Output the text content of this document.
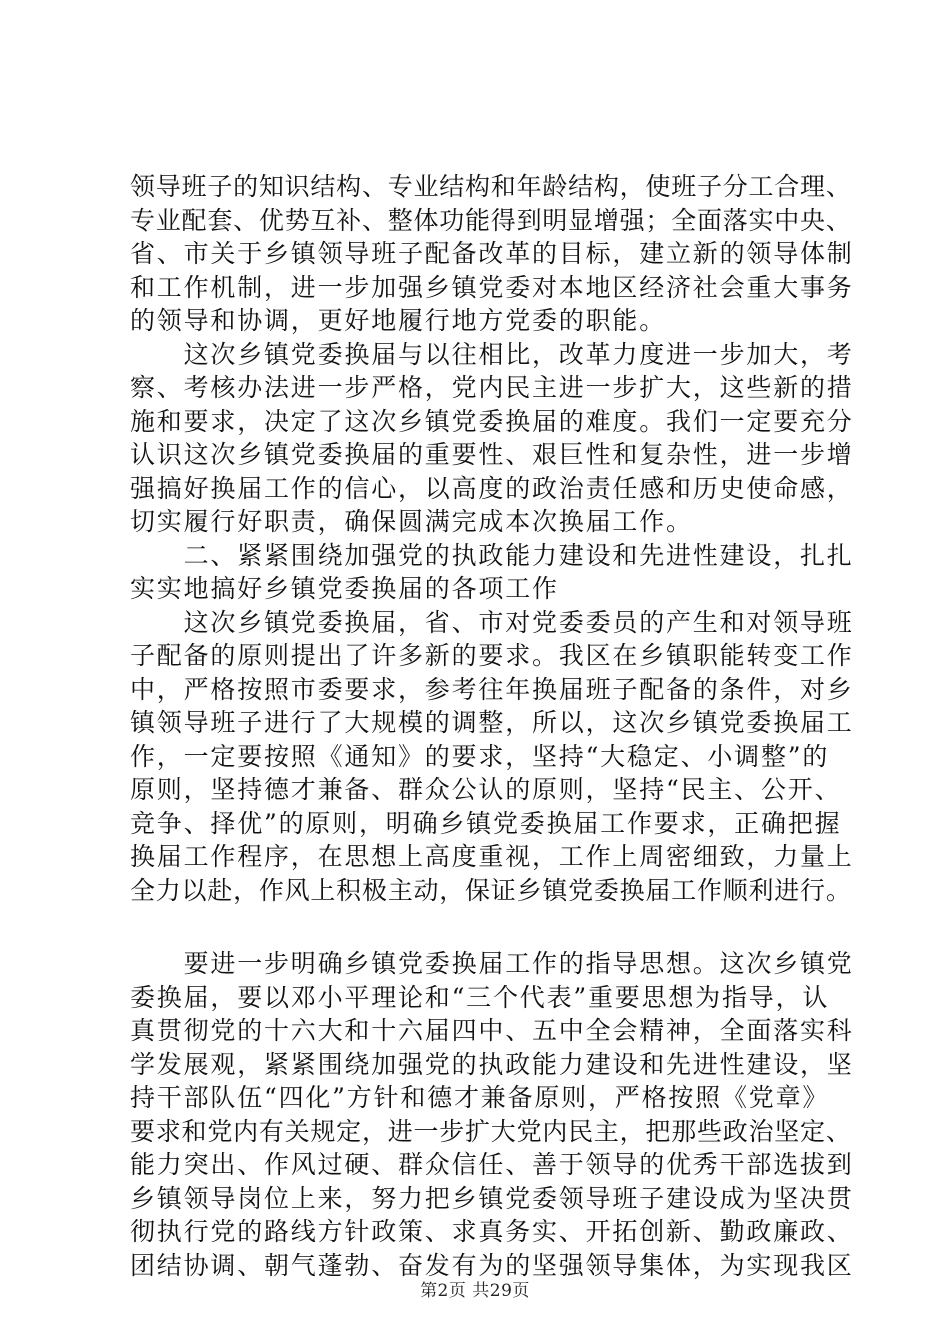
领导班子的知识结构、专业结构和年龄结构，使班子分工合理、
专业配套、优势互补、整体功能得到明显增强；全面落实中央、
省、市关于乡镇领导班子配备改革的目标，建立新的领导体制
和工作机制，进一步加强乡镇党委对本地区经济社会重大事务
的领导和协调，更好地履行地方党委的职能。

　　这次乡镇党委换届与以往相比，改革力度进一步加大，考
察、考核办法进一步严格，党内民主进一步扩大，这些新的措
施和要求，决定了这次乡镇党委换届的难度。我们一定要充分
认识这次乡镇党委换届的重要性、艰巨性和复杂性，进一步增
强搞好换届工作的信心，以高度的政治责任感和历史使命感，
切实履行好职责，确保圆满完成本次换届工作。

　　二、紧紧围绕加强党的执政能力建设和先进性建设，扎扎
实实地搞好乡镇党委换届的各项工作

　　这次乡镇党委换届，省、市对党委委员的产生和对领导班
子配备的原则提出了许多新的要求。我区在乡镇职能转变工作
中，严格按照市委要求，参考往年换届班子配备的条件，对乡
镇领导班子进行了大规模的调整，所以，这次乡镇党委换届工
作，一定要按照《通知》的要求，坚持“大稳定、小调整”的
原则，坚持德才兼备、群众公认的原则，坚持“民主、公开、
竞争、择优”的原则，明确乡镇党委换届工作要求，正确把握
换届工作程序，在思想上高度重视，工作上周密细致，力量上
全力以赴，作风上积极主动，保证乡镇党委换届工作顺利进行。

　　要进一步明确乡镇党委换届工作的指导思想。这次乡镇党
委换届，要以邓小平理论和“三个代表”重要思想为指导，认
真贯彻党的十六大和十六届四中、五中全会精神，全面落实科
学发展观，紧紧围绕加强党的执政能力建设和先进性建设，坚
持干部队伍“四化”方针和德才兼备原则，严格按照《党章》
要求和党内有关规定，进一步扩大党内民主，把那些政治坚定、
能力突出、作风过硬、群众信任、善于领导的优秀干部选拔到
乡镇领导岗位上来，努力把乡镇党委领导班子建设成为坚决贯
彻执行党的路线方针政策、求真务实、开拓创新、勤政廉政、
团结协调、朝气蓬勃、奋发有为的坚强领导集体，为实现我区

第2页 共29页
